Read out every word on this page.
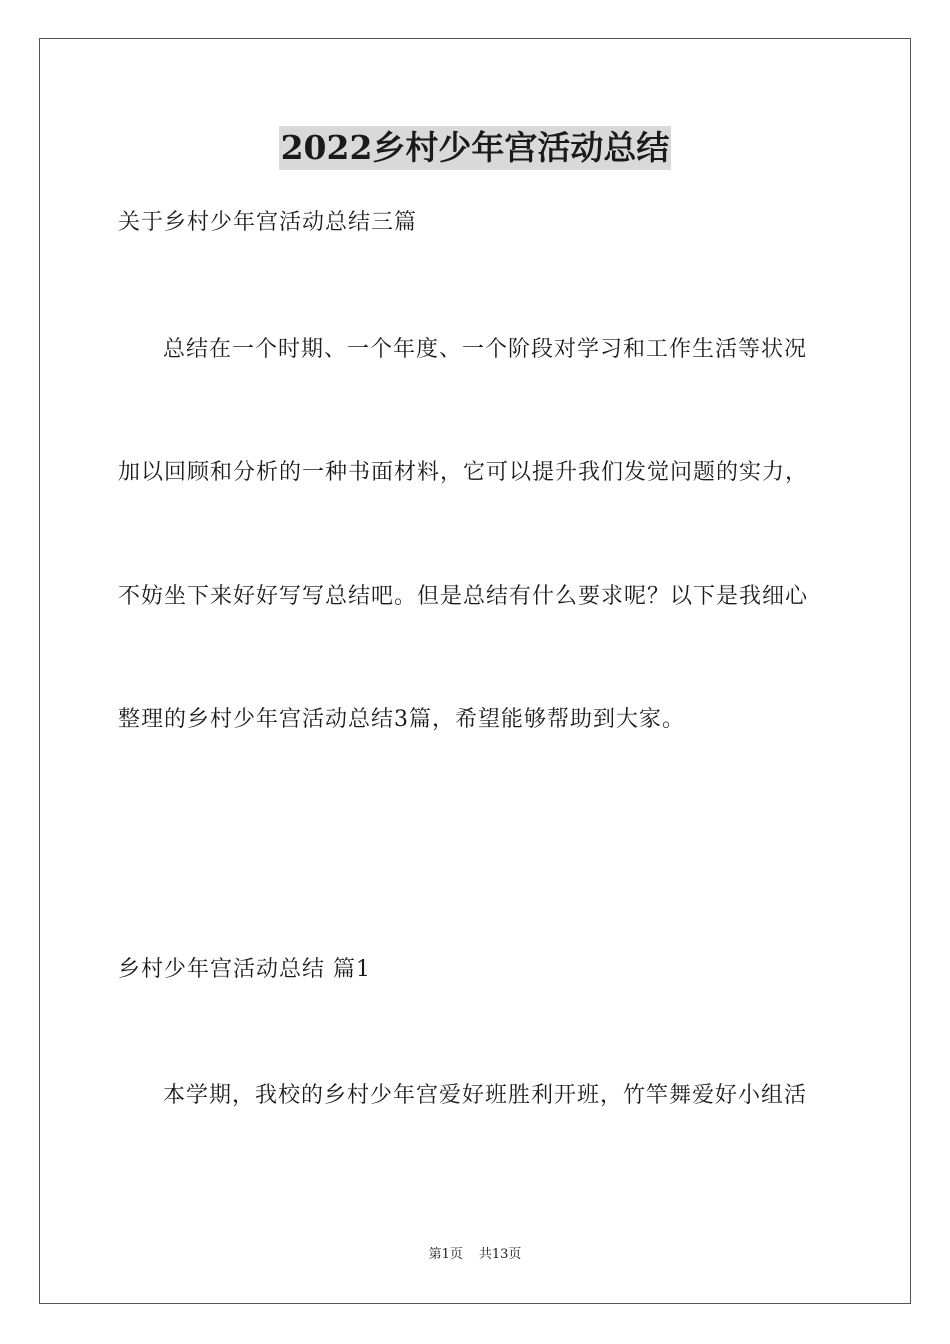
2022乡村少年宫活动总结
关于乡村少年宫活动总结三篇
总结在一个时期、一个年度、一个阶段对学习和工作生活等状况
加以回顾和分析的一种书面材料，它可以提升我们发觉问题的实力，
不妨坐下来好好写写总结吧。但是总结有什么要求呢？以下是我细心
整理的乡村少年宫活动总结3篇，希望能够帮助到大家。
乡村少年宫活动总结 篇1
本学期，我校的乡村少年宫爱好班胜利开班，竹竿舞爱好小组活
第1页 共13页
